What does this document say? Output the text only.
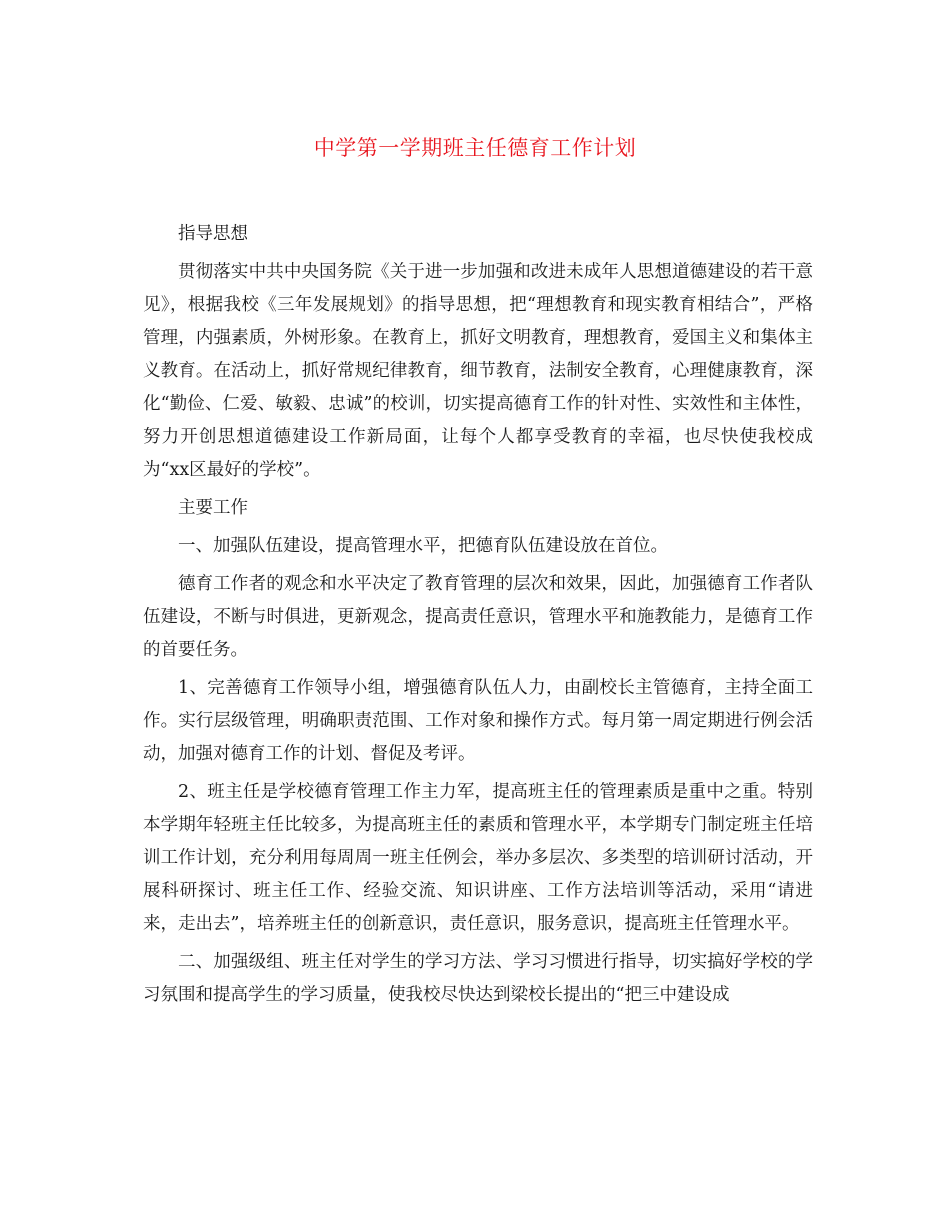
中学第一学期班主任德育工作计划

指导思想

贯彻落实中共中央国务院《关于进一步加强和改进未成年人思想道德建设的若干意见》，根据我校《三年发展规划》的指导思想，把“理想教育和现实教育相结合”，严格管理，内强素质，外树形象。在教育上，抓好文明教育，理想教育，爱国主义和集体主义教育。在活动上，抓好常规纪律教育，细节教育，法制安全教育，心理健康教育，深化“勤俭、仁爱、敏毅、忠诚”的校训，切实提高德育工作的针对性、实效性和主体性，努力开创思想道德建设工作新局面，让每个人都享受教育的幸福，也尽快使我校成为“xx区最好的学校”。

主要工作

一、加强队伍建设，提高管理水平，把德育队伍建设放在首位。

德育工作者的观念和水平决定了教育管理的层次和效果，因此，加强德育工作者队伍建设，不断与时俱进，更新观念，提高责任意识，管理水平和施教能力，是德育工作的首要任务。

1、完善德育工作领导小组，增强德育队伍人力，由副校长主管德育，主持全面工作。实行层级管理，明确职责范围、工作对象和操作方式。每月第一周定期进行例会活动，加强对德育工作的计划、督促及考评。

2、班主任是学校德育管理工作主力军，提高班主任的管理素质是重中之重。特别本学期年轻班主任比较多，为提高班主任的素质和管理水平，本学期专门制定班主任培训工作计划，充分利用每周周一班主任例会，举办多层次、多类型的培训研讨活动，开展科研探讨、班主任工作、经验交流、知识讲座、工作方法培训等活动，采用“请进来，走出去”，培养班主任的创新意识，责任意识，服务意识，提高班主任管理水平。

二、加强级组、班主任对学生的学习方法、学习习惯进行指导，切实搞好学校的学习氛围和提高学生的学习质量，使我校尽快达到梁校长提出的“把三中建设成
